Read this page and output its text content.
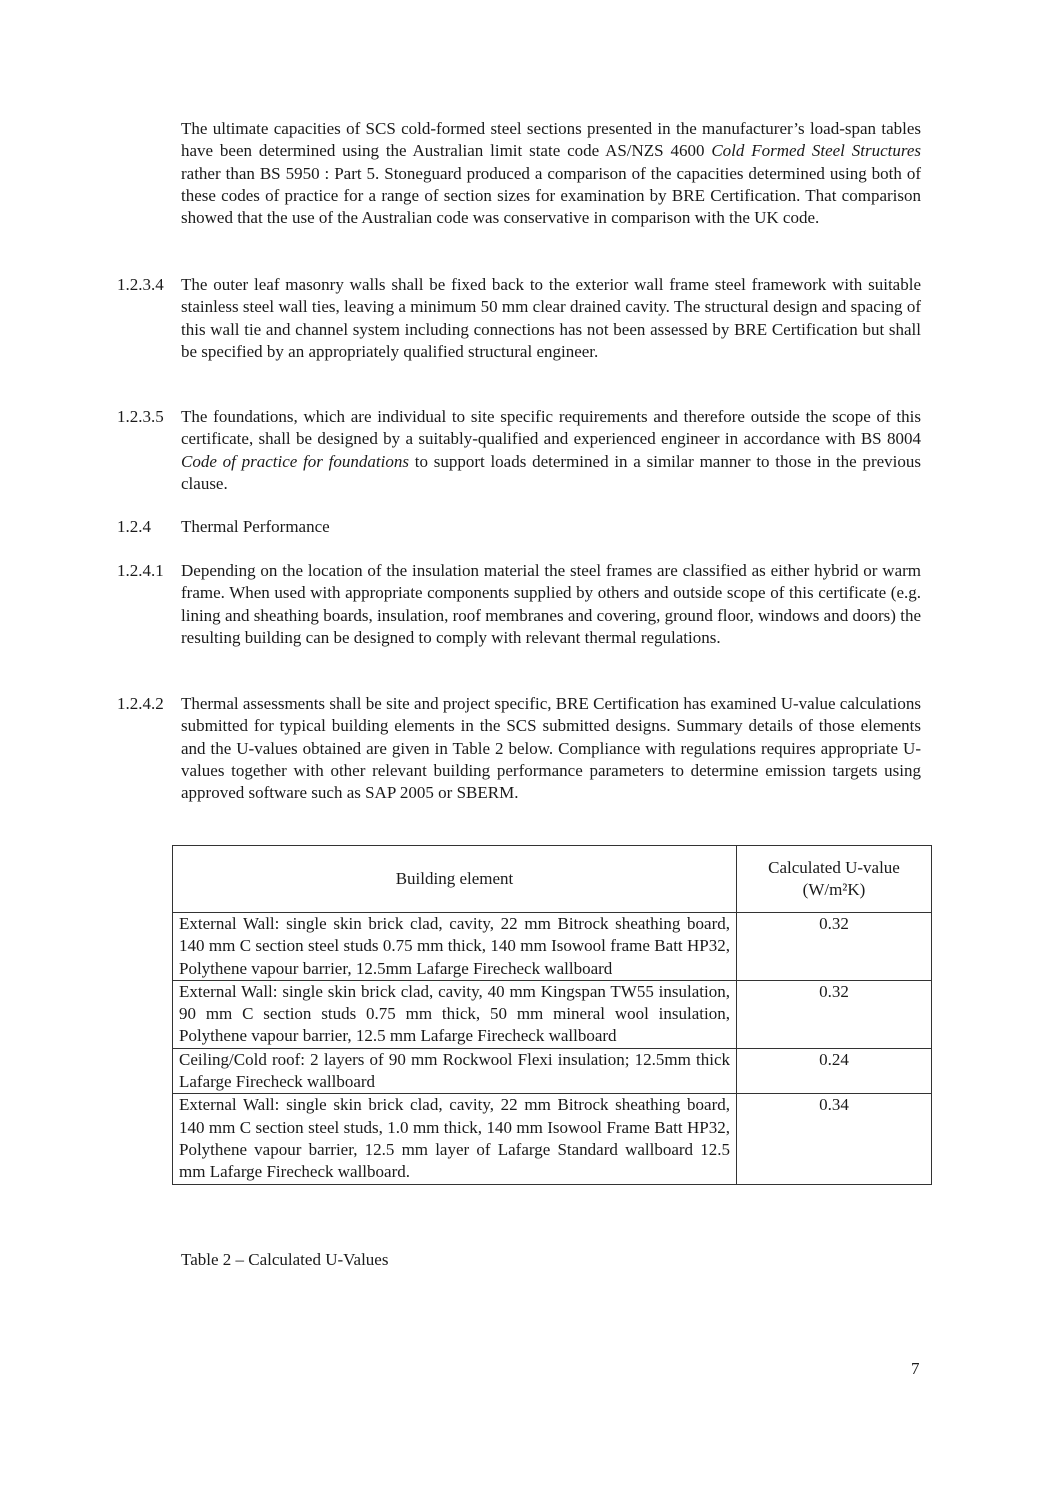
The ultimate capacities of SCS cold-formed steel sections presented in the manufacturer’s load-span tables have been determined using the Australian limit state code AS/NZS 4600 Cold Formed Steel Structures rather than BS 5950 : Part 5. Stoneguard produced a comparison of the capacities determined using both of these codes of practice for a range of section sizes for examination by BRE Certification. That comparison showed that the use of the Australian code was conservative in comparison with the UK code.

1.2.3.4 The outer leaf masonry walls shall be fixed back to the exterior wall frame steel framework with suitable stainless steel wall ties, leaving a minimum 50 mm clear drained cavity. The structural design and spacing of this wall tie and channel system including connections has not been assessed by BRE Certification but shall be specified by an appropriately qualified structural engineer.

1.2.3.5 The foundations, which are individual to site specific requirements and therefore outside the scope of this certificate, shall be designed by a suitably-qualified and experienced engineer in accordance with BS 8004 Code of practice for foundations to support loads determined in a similar manner to those in the previous clause.

1.2.4 Thermal Performance

1.2.4.1 Depending on the location of the insulation material the steel frames are classified as either hybrid or warm frame. When used with appropriate components supplied by others and outside scope of this certificate (e.g. lining and sheathing boards, insulation, roof membranes and covering, ground floor, windows and doors) the resulting building can be designed to comply with relevant thermal regulations.

1.2.4.2 Thermal assessments shall be site and project specific, BRE Certification has examined U-value calculations submitted for typical building elements in the SCS submitted designs. Summary details of those elements and the U-values obtained are given in Table 2 below. Compliance with regulations requires appropriate U-values together with other relevant building performance parameters to determine emission targets using approved software such as SAP 2005 or SBERM.

Building element	Calculated U-value
(W/m²K)
External Wall: single skin brick clad, cavity, 22 mm Bitrock sheathing board, 140 mm C section steel studs 0.75 mm thick, 140 mm Isowool frame Batt HP32, Polythene vapour barrier, 12.5mm Lafarge Firecheck wallboard	0.32
External Wall: single skin brick clad, cavity, 40 mm Kingspan TW55 insulation, 90 mm C section studs 0.75 mm thick, 50 mm mineral wool insulation, Polythene vapour barrier, 12.5 mm Lafarge Firecheck wallboard	0.32
Ceiling/Cold roof: 2 layers of 90 mm Rockwool Flexi insulation; 12.5mm thick Lafarge Firecheck wallboard	0.24
External Wall: single skin brick clad, cavity, 22 mm Bitrock sheathing board, 140 mm C section steel studs, 1.0 mm thick, 140 mm Isowool Frame Batt HP32, Polythene vapour barrier, 12.5 mm layer of Lafarge Standard wallboard 12.5 mm Lafarge Firecheck wallboard.	0.34
Table 2 – Calculated U-Values
7
